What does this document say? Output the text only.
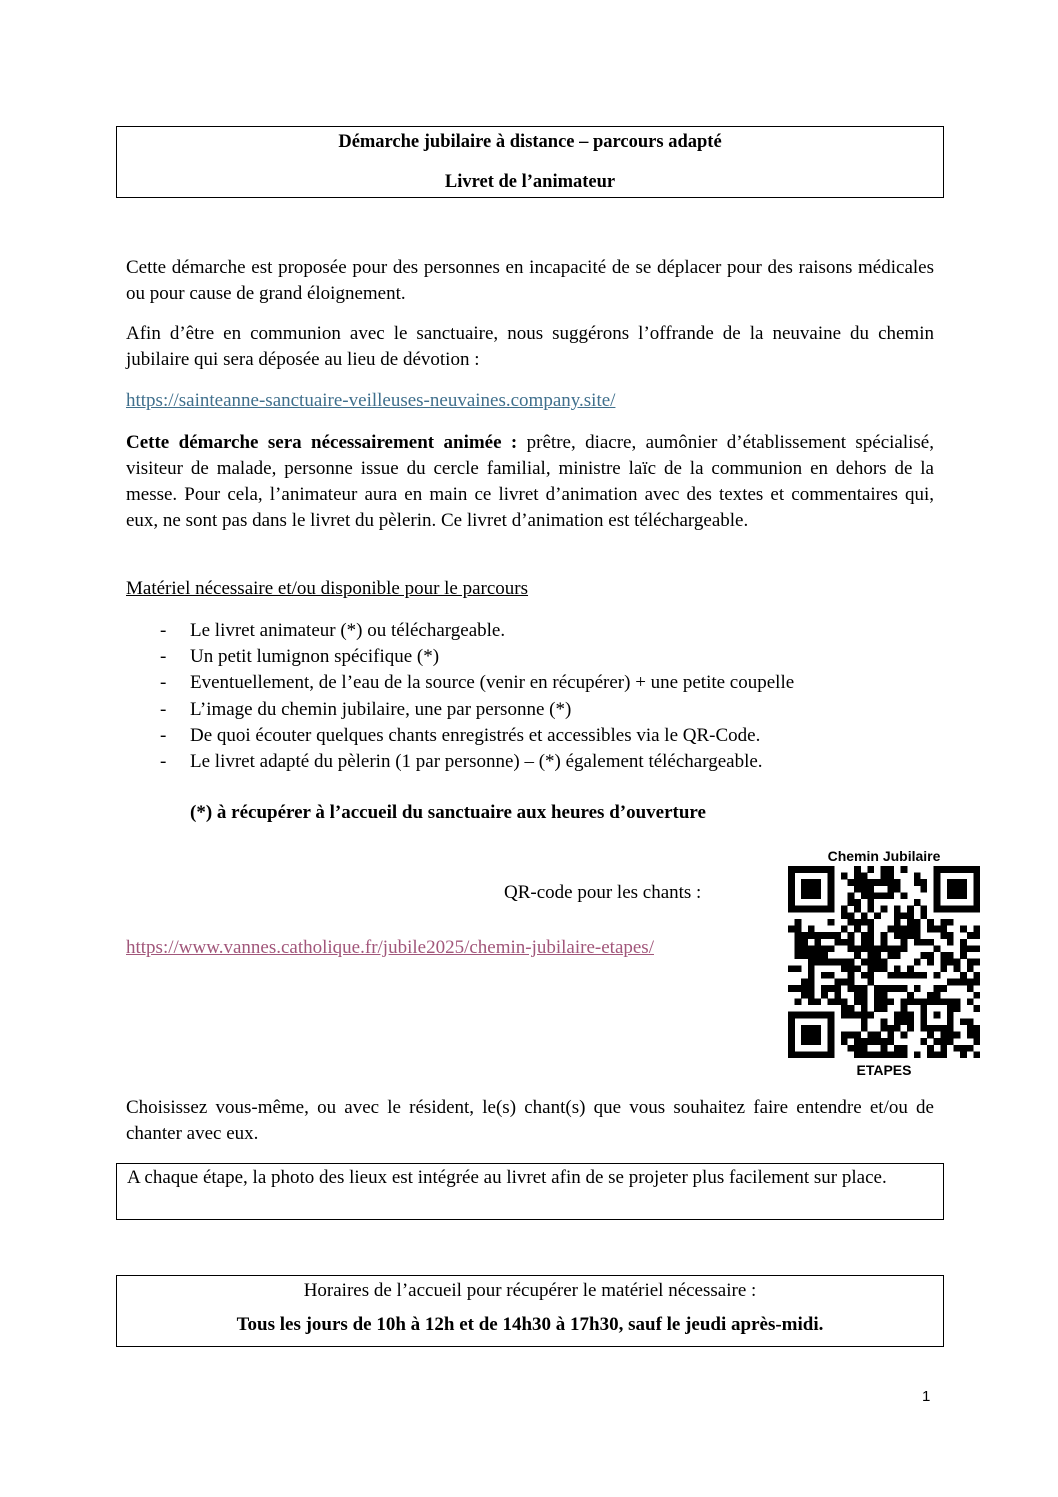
Démarche jubilaire à distance – parcours adapté
Livret de l’animateur

Cette démarche est proposée pour des personnes en incapacité de se déplacer pour des raisons médicales ou pour cause de grand éloignement.

Afin d’être en communion avec le sanctuaire, nous suggérons l’offrande de la neuvaine du chemin jubilaire qui sera déposée au lieu de dévotion :

https://sainteanne-sanctuaire-veilleuses-neuvaines.company.site/

Cette démarche sera nécessairement animée : prêtre, diacre, aumônier d’établissement spécialisé, visiteur de malade, personne issue du cercle familial, ministre laïc de la communion en dehors de la messe. Pour cela, l’animateur aura en main ce livret d’animation avec des textes et commentaires qui, eux, ne sont pas dans le livret du pèlerin. Ce livret d’animation est téléchargeable.

Matériel nécessaire et/ou disponible pour le parcours

- Le livret animateur (*) ou téléchargeable.
- Un petit lumignon spécifique (*)
- Eventuellement, de l’eau de la source (venir en récupérer) + une petite coupelle
- L’image du chemin jubilaire, une par personne (*)
- De quoi écouter quelques chants enregistrés et accessibles via le QR-Code.
- Le livret adapté du pèlerin (1 par personne) – (*) également téléchargeable.
(*) à récupérer à l’accueil du sanctuaire aux heures d’ouverture
QR-code pour les chants :
Chemin Jubilaire
ETAPES

https://www.vannes.catholique.fr/jubile2025/chemin-jubilaire-etapes/

Choisissez vous-même, ou avec le résident, le(s) chant(s) que vous souhaitez faire entendre et/ou de chanter avec eux.

A chaque étape, la photo des lieux est intégrée au livret afin de se projeter plus facilement sur place.
Horaires de l’accueil pour récupérer le matériel nécessaire :
Tous les jours de 10h à 12h et de 14h30 à 17h30, sauf le jeudi après-midi.
1
